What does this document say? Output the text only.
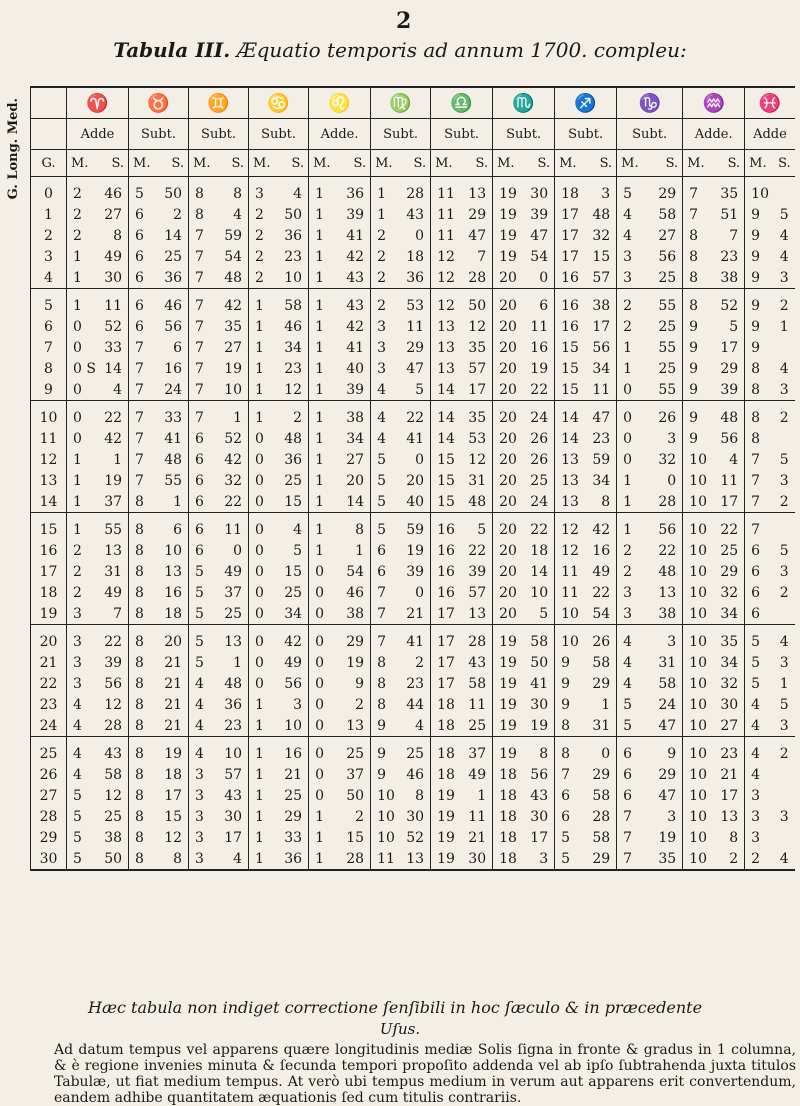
2
Tabula III. Æquatio temporis ad annum 1700. compleu:
G. Long. Med.
		♈		♉		♊		♋		♌		♍		♎		♏		♐		♑		♒		♓	
	Adde		Subt.		Subt.		Subt.		Adde.		Subt.		Subt.		Subt.		Subt.		Subt.		Adde.		Adde	
G.	M.	S.	M.	S.	M.	S.	M.	S.	M.	S.	M.	S.	M.	S.	M.	S.	M.	S.	M.	S.	M.	S.	M.	S.
0	2	46	5	50	8	8	3	4	1	36	1	28	11	13	19	30	18	3	5	29	7	35	10	
1	2	27	6	2	8	4	2	50	1	39	1	43	11	29	19	39	17	48	4	58	7	51	9	5
2	2	8	6	14	7	59	2	36	1	41	2	0	11	47	19	47	17	32	4	27	8	7	9	4
3	1	49	6	25	7	54	2	23	1	42	2	18	12	7	19	54	17	15	3	56	8	23	9	4
4	1	30	6	36	7	48	2	10	1	43	2	36	12	28	20	0	16	57	3	25	8	38	9	3
5	1	11	6	46	7	42	1	58	1	43	2	53	12	50	20	6	16	38	2	55	8	52	9	2
6	0	52	6	56	7	35	1	46	1	42	3	11	13	12	20	11	16	17	2	25	9	5	9	1
7	0	33	7	6	7	27	1	34	1	41	3	29	13	35	20	16	15	56	1	55	9	17	9	
8	0 S	14	7	16	7	19	1	23	1	40	3	47	13	57	20	19	15	34	1	25	9	29	8	4
9	0	4	7	24	7	10	1	12	1	39	4	5	14	17	20	22	15	11	0	55	9	39	8	3
10	0	22	7	33	7	1	1	2	1	38	4	22	14	35	20	24	14	47	0	26	9	48	8	2
11	0	42	7	41	6	52	0	48	1	34	4	41	14	53	20	26	14	23	0	3	9	56	8	
12	1	1	7	48	6	42	0	36	1	27	5	0	15	12	20	26	13	59	0	32	10	4	7	5
13	1	19	7	55	6	32	0	25	1	20	5	20	15	31	20	25	13	34	1	0	10	11	7	3
14	1	37	8	1	6	22	0	15	1	14	5	40	15	48	20	24	13	8	1	28	10	17	7	2
15	1	55	8	6	6	11	0	4	1	8	5	59	16	5	20	22	12	42	1	56	10	22	7	
16	2	13	8	10	6	0	0	5	1	1	6	19	16	22	20	18	12	16	2	22	10	25	6	5
17	2	31	8	13	5	49	0	15	0	54	6	39	16	39	20	14	11	49	2	48	10	29	6	3
18	2	49	8	16	5	37	0	25	0	46	7	0	16	57	20	10	11	22	3	13	10	32	6	2
19	3	7	8	18	5	25	0	34	0	38	7	21	17	13	20	5	10	54	3	38	10	34	6	
20	3	22	8	20	5	13	0	42	0	29	7	41	17	28	19	58	10	26	4	3	10	35	5	4
21	3	39	8	21	5	1	0	49	0	19	8	2	17	43	19	50	9	58	4	31	10	34	5	3
22	3	56	8	21	4	48	0	56	0	9	8	23	17	58	19	41	9	29	4	58	10	32	5	1
23	4	12	8	21	4	36	1	3	0	2	8	44	18	11	19	30	9	1	5	24	10	30	4	5
24	4	28	8	21	4	23	1	10	0	13	9	4	18	25	19	19	8	31	5	47	10	27	4	3
25	4	43	8	19	4	10	1	16	0	25	9	25	18	37	19	8	8	0	6	9	10	23	4	2
26	4	58	8	18	3	57	1	21	0	37	9	46	18	49	18	56	7	29	6	29	10	21	4	
27	5	12	8	17	3	43	1	25	0	50	10	8	19	1	18	43	6	58	6	47	10	17	3	
28	5	25	8	15	3	30	1	29	1	2	10	30	19	11	18	30	6	28	7	3	10	13	3	3
29	5	38	8	12	3	17	1	33	1	15	10	52	19	21	18	17	5	58	7	19	10	8	3	
30	5	50	8	8	3	4	1	36	1	28	11	13	19	30	18	3	5	29	7	35	10	2	2	4
Hæc tabula non indiget correctione ſenſibili in hoc ſæculo & in præcedente
Uſus.
Ad datum tempus vel apparens quære longitudinis mediæ Solis ſigna in fronte & gradus in 1 columna, & è regione invenies minuta & ſecunda tempori propoſito addenda vel ab ipſo ſubtrahenda juxta titulos Tabulæ, ut fiat medium tempus. At verò ubi tempus medium in verum aut apparens erit convertendum, eandem adhibe quantitatem æquationis ſed cum titulis contrariis.
